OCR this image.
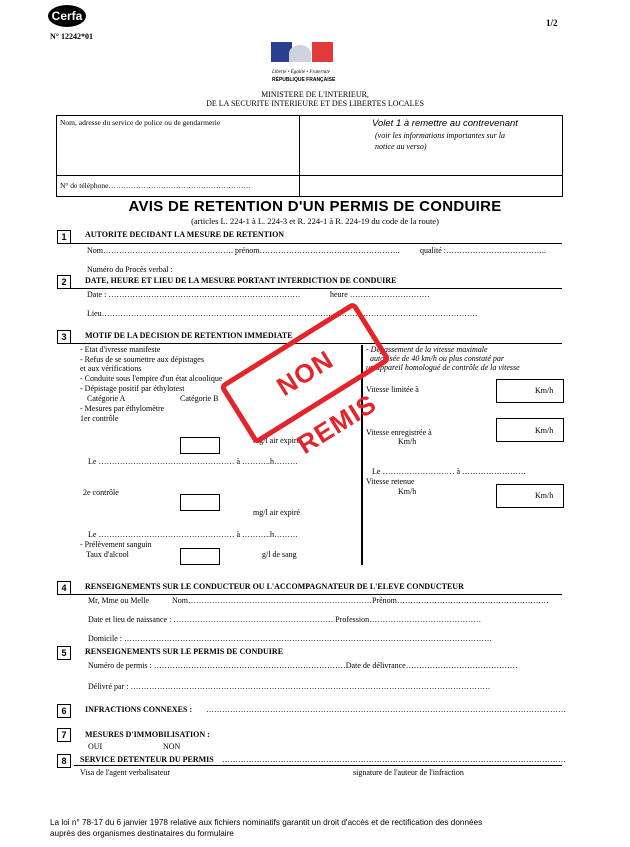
Cerfa
N° 12242*01
1/2
Liberté • Égalité • Fraternité
RÉPUBLIQUE FRANÇAISE
MINISTERE DE L'INTERIEUR,
DE LA SECURITE INTERIEURE ET DES LIBERTES LOCALES
Nom, adresse du service de police ou de gendarmerie
N° de téléphone…………………………………………………
Volet 1 à remettre au contrevenant
(voir les informations importantes sur la
notice au verso)
AVIS DE RETENTION D'UN PERMIS DE CONDUIRE
(articles L. 224-1 à L. 224-3 et R. 224-1 à R. 224-19 du code de la route)
1	AUTORITE DECIDANT LA MESURE DE RETENTION
Nom…………………………………………. prénom……………………………………………..	qualité :………………………………..
Numéro du Procès verbal :
2	DATE, HEURE ET LIEU DE LA MESURE PORTANT INTERDICTION DE CONDUIRE
Date : ………………………………………………………………	heure …………………………
Lieu……………………………………………………………………………………………………………………………
3	MOTIF DE LA DECISION DE RETENTION IMMEDIATE
- Etat d'ivresse manifeste
- Refus de se soumettre aux dépistages
et aux vérifications
- Conduite sous l'empire d'un état alcoolique
- Dépistage positif par éthylotest
Catégorie A	Catégorie B
- Mesures par éthylomètre
1er contrôle
mg/l air expiré
Le …………………………………………… à ………..h………
2e contrôle
mg/l air expiré
Le …………………………………………… à ………..h………
- Prélèvement sanguin
Taux d'alcool	g/l de sang
- Dépassement de la vitesse maximale
autorisée de 40 km/h ou plus constaté par
un appareil homologué de contrôle de la vitesse
Vitesse limitée à	Km/h
Vitesse enregistrée à
Km/h
Km/h
Le ……………………… à ……………………
Vitesse retenue
Km/h	Km/h
NON REMIS
4	RENSEIGNEMENTS SUR LE CONDUCTEUR OU L'ACCOMPAGNATEUR DE L'ELEVE CONDUCTEUR
Mr, Mme ou Melle	Nom……………………………………………………………Prénom…………………………………………………
Date et lieu de naissance : …………………………………………………… Profession……………………………………
Domicile : …………………………………………………………………………………………………………………………
5	RENSEIGNEMENTS SUR LE PERMIS DE CONDUIRE
Numéro de permis : ………………………………………………………………Date de délivrance……………………………………
Délivré par : ………………………………………………………………………………………………………………………
6	INFRACTIONS CONNEXES : ………………………………………………………………………………………………………………………
7	MESURES D'IMMOBILISATION :
OUI	NON
8	SERVICE DETENTEUR DU PERMIS …………………………………………………………………………………………………………………
Visa de l'agent verbalisateur	signature de l'auteur de l'infraction
La loi n° 78-17 du 6 janvier 1978 relative aux fichiers nominatifs garantit un droit d'accès et de rectification des données
auprès des organismes destinataires du formulaire
